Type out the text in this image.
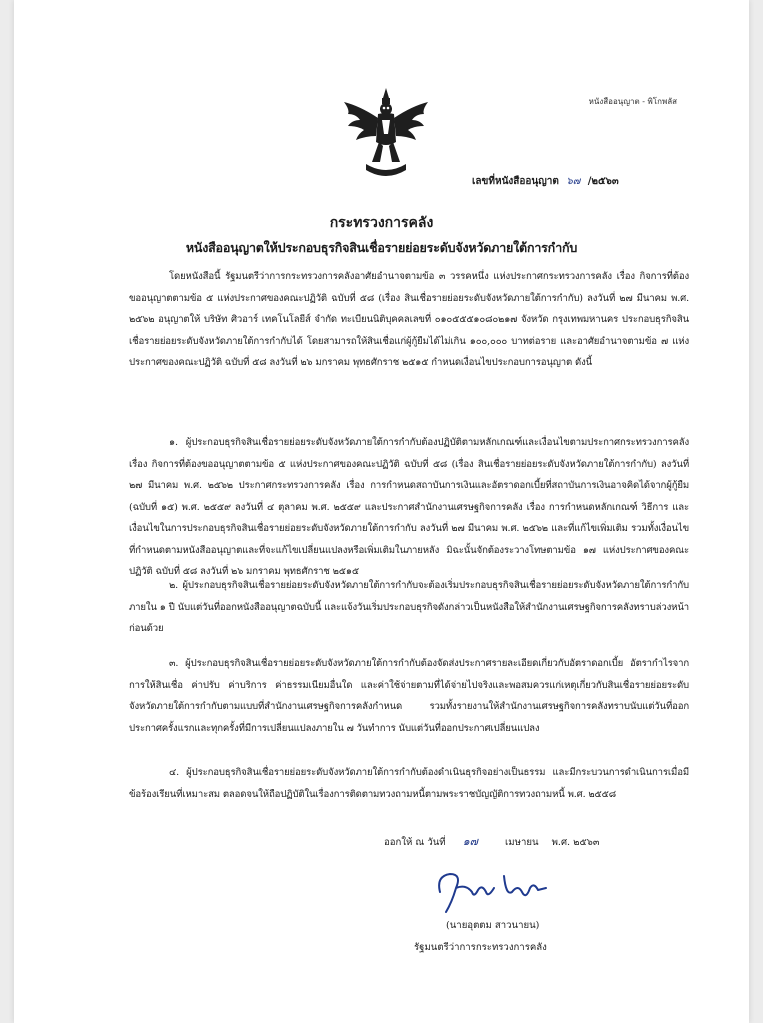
หนังสืออนุญาต - พิโกพลัส
เลขที่หนังสืออนุญาต ๖๗ /๒๕๖๓
กระทรวงการคลัง
หนังสืออนุญาตให้ประกอบธุรกิจสินเชื่อรายย่อยระดับจังหวัดภายใต้การกำกับ
โดยหนังสือนี้ รัฐมนตรีว่าการกระทรวงการคลังอาศัยอำนาจตามข้อ ๓ วรรคหนึ่ง แห่งประกาศกระทรวงการคลัง เรื่อง กิจการที่ต้องขออนุญาตตามข้อ ๕ แห่งประกาศของคณะปฏิวัติ ฉบับที่ ๕๘ (เรื่อง สินเชื่อรายย่อยระดับจังหวัดภายใต้การกำกับ) ลงวันที่ ๒๗ มีนาคม พ.ศ. ๒๕๖๒ อนุญาตให้ บริษัท ศิวอาร์ เทคโนโลยีส์ จำกัด ทะเบียนนิติบุคคลเลขที่ ๐๑๐๕๕๕๑๐๘๐๒๑๗ จังหวัด กรุงเทพมหานคร ประกอบธุรกิจสินเชื่อรายย่อยระดับจังหวัดภายใต้การกำกับได้ โดยสามารถให้สินเชื่อแก่ผู้กู้ยืมได้ไม่เกิน ๑๐๐,๐๐๐ บาทต่อราย และอาศัยอำนาจตามข้อ ๗ แห่งประกาศของคณะปฏิวัติ ฉบับที่ ๕๘ ลงวันที่ ๒๖ มกราคม พุทธศักราช ๒๕๑๕ กำหนดเงื่อนไขประกอบการอนุญาต ดังนี้
๑. ผู้ประกอบธุรกิจสินเชื่อรายย่อยระดับจังหวัดภายใต้การกำกับต้องปฏิบัติตามหลักเกณฑ์และเงื่อนไขตามประกาศกระทรวงการคลัง เรื่อง กิจการที่ต้องขออนุญาตตามข้อ ๕ แห่งประกาศของคณะปฏิวัติ ฉบับที่ ๕๘ (เรื่อง สินเชื่อรายย่อยระดับจังหวัดภายใต้การกำกับ) ลงวันที่ ๒๗ มีนาคม พ.ศ. ๒๕๖๒ ประกาศกระทรวงการคลัง เรื่อง การกำหนดสถาบันการเงินและอัตราดอกเบี้ยที่สถาบันการเงินอาจคิดได้จากผู้กู้ยืม (ฉบับที่ ๑๕) พ.ศ. ๒๕๕๙ ลงวันที่ ๔ ตุลาคม พ.ศ. ๒๕๕๙ และประกาศสำนักงานเศรษฐกิจการคลัง เรื่อง การกำหนดหลักเกณฑ์ วิธีการ และเงื่อนไขในการประกอบธุรกิจสินเชื่อรายย่อยระดับจังหวัดภายใต้การกำกับ ลงวันที่ ๒๗ มีนาคม พ.ศ. ๒๕๖๒ และที่แก้ไขเพิ่มเติม รวมทั้งเงื่อนไขที่กำหนดตามหนังสืออนุญาตและที่จะแก้ไขเปลี่ยนแปลงหรือเพิ่มเติมในภายหลัง มิฉะนั้นจักต้องระวางโทษตามข้อ ๑๗ แห่งประกาศของคณะปฏิวัติ ฉบับที่ ๕๘ ลงวันที่ ๒๖ มกราคม พุทธศักราช ๒๕๑๕
๒. ผู้ประกอบธุรกิจสินเชื่อรายย่อยระดับจังหวัดภายใต้การกำกับจะต้องเริ่มประกอบธุรกิจสินเชื่อรายย่อยระดับจังหวัดภายใต้การกำกับ ภายใน ๑ ปี นับแต่วันที่ออกหนังสืออนุญาตฉบับนี้ และแจ้งวันเริ่มประกอบธุรกิจดังกล่าวเป็นหนังสือให้สำนักงานเศรษฐกิจการคลังทราบล่วงหน้าก่อนด้วย
๓. ผู้ประกอบธุรกิจสินเชื่อรายย่อยระดับจังหวัดภายใต้การกำกับต้องจัดส่งประกาศรายละเอียดเกี่ยวกับอัตราดอกเบี้ย อัตรากำไรจากการให้สินเชื่อ ค่าปรับ ค่าบริการ ค่าธรรมเนียมอื่นใด และค่าใช้จ่ายตามที่ได้จ่ายไปจริงและพอสมควรแก่เหตุเกี่ยวกับสินเชื่อรายย่อยระดับจังหวัดภายใต้การกำกับตามแบบที่สำนักงานเศรษฐกิจการคลังกำหนด รวมทั้งรายงานให้สำนักงานเศรษฐกิจการคลังทราบนับแต่วันที่ออกประกาศครั้งแรกและทุกครั้งที่มีการเปลี่ยนแปลงภายใน ๗ วันทำการ นับแต่วันที่ออกประกาศเปลี่ยนแปลง
๔. ผู้ประกอบธุรกิจสินเชื่อรายย่อยระดับจังหวัดภายใต้การกำกับต้องดำเนินธุรกิจอย่างเป็นธรรม และมีกระบวนการดำเนินการเมื่อมีข้อร้องเรียนที่เหมาะสม ตลอดจนให้ถือปฏิบัติในเรื่องการติดตามทวงถามหนี้ตามพระราชบัญญัติการทวงถามหนี้ พ.ศ. ๒๕๕๘
ออกให้ ณ วันที่ ๑๗	เมษายน พ.ศ. ๒๕๖๓
(นายอุตตม สาวนายน)
รัฐมนตรีว่าการกระทรวงการคลัง
